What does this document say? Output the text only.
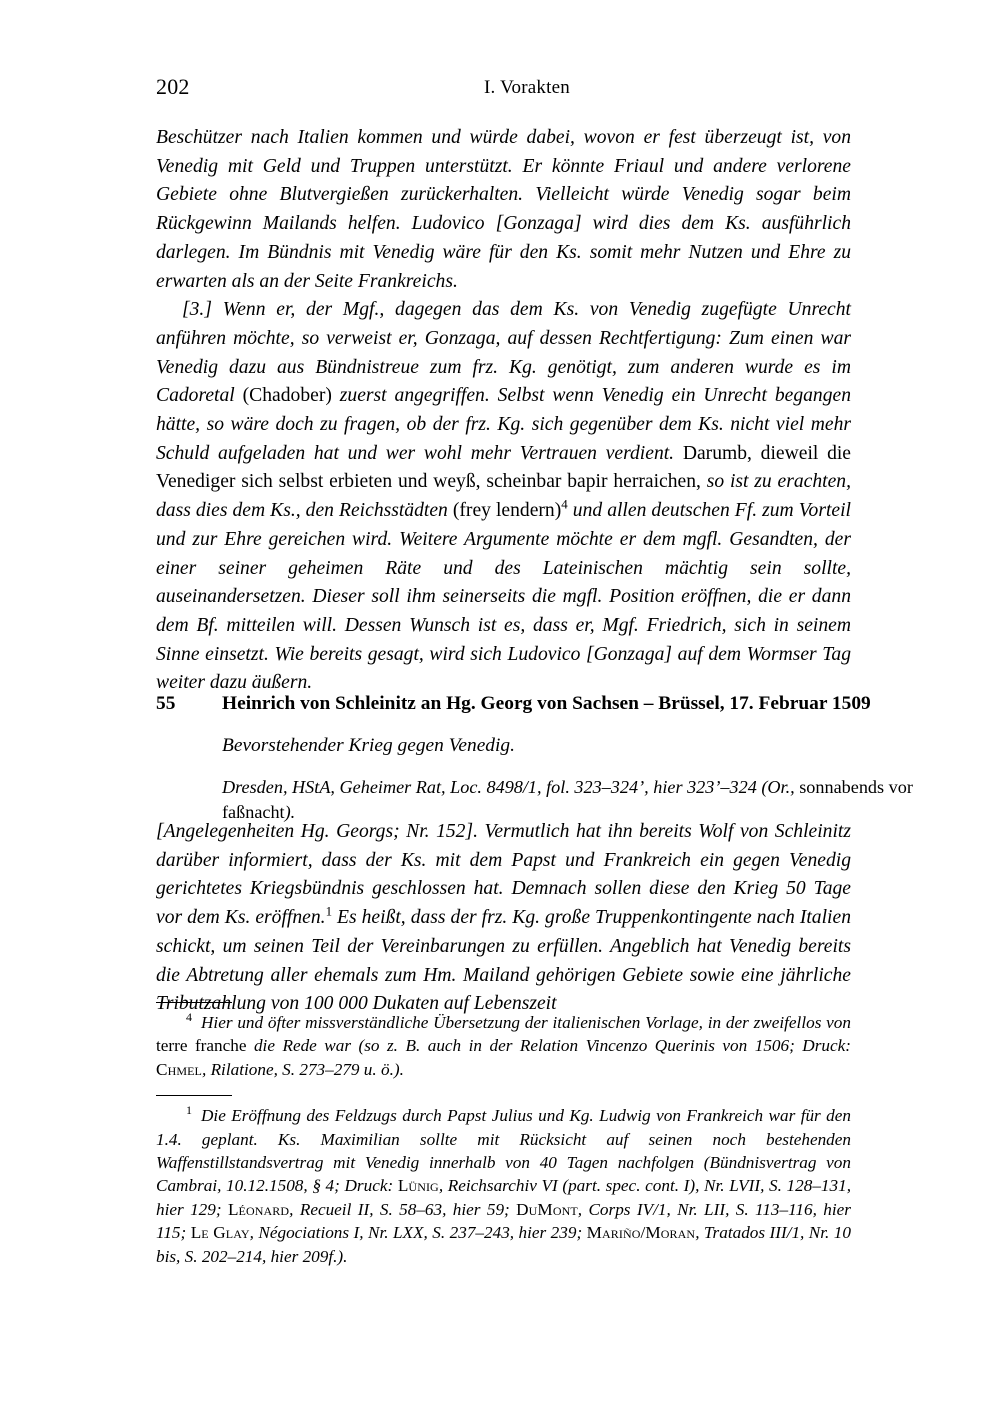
202	I. Vorakten

Beschützer nach Italien kommen und würde dabei, wovon er fest überzeugt ist, von Venedig mit Geld und Truppen unterstützt. Er könnte Friaul und andere verlorene Gebiete ohne Blutvergießen zurückerhalten. Vielleicht würde Venedig sogar beim Rückgewinn Mailands helfen. Ludovico [Gonzaga] wird dies dem Ks. ausführlich darlegen. Im Bündnis mit Venedig wäre für den Ks. somit mehr Nutzen und Ehre zu erwarten als an der Seite Frankreichs.

[3.] Wenn er, der Mgf., dagegen das dem Ks. von Venedig zugefügte Unrecht anführen möchte, so verweist er, Gonzaga, auf dessen Rechtfertigung: Zum einen war Venedig dazu aus Bündnistreue zum frz. Kg. genötigt, zum anderen wurde es im Cadoretal (Chadober) zuerst angegriffen. Selbst wenn Venedig ein Unrecht begangen hätte, so wäre doch zu fragen, ob der frz. Kg. sich gegenüber dem Ks. nicht viel mehr Schuld aufgeladen hat und wer wohl mehr Vertrauen verdient. Darumb, dieweil die Venediger sich selbst erbieten und weyß, scheinbar bapir herraichen, so ist zu erachten, dass dies dem Ks., den Reichsstädten (frey lendern)$^4$ und allen deutschen Ff. zum Vorteil und zur Ehre gereichen wird. Weitere Argumente möchte er dem mgfl. Gesandten, der einer seiner geheimen Räte und des Lateinischen mächtig sein sollte, auseinandersetzen. Dieser soll ihm seinerseits die mgfl. Position eröffnen, die er dann dem Bf. mitteilen will. Dessen Wunsch ist es, dass er, Mgf. Friedrich, sich in seinem Sinne einsetzt. Wie bereits gesagt, wird sich Ludovico [Gonzaga] auf dem Wormser Tag weiter dazu äußern.

55 Heinrich von Schleinitz an Hg. Georg von Sachsen – Brüssel, 17. Februar 1509
Bevorstehender Krieg gegen Venedig.
Dresden, HStA, Geheimer Rat, Loc. 8498/1, fol. 323–324’, hier 323’–324 (Or., sonnabends vor faßnacht).

[Angelegenheiten Hg. Georgs; Nr. 152]. Vermutlich hat ihn bereits Wolf von Schleinitz darüber informiert, dass der Ks. mit dem Papst und Frankreich ein gegen Venedig gerichtetes Kriegsbündnis geschlossen hat. Demnach sollen diese den Krieg 50 Tage vor dem Ks. eröffnen.$^1$ Es heißt, dass der frz. Kg. große Truppenkontingente nach Italien schickt, um seinen Teil der Vereinbarungen zu erfüllen. Angeblich hat Venedig bereits die Abtretung aller ehemals zum Hm. Mailand gehörigen Gebiete sowie eine jährliche Tributzahlung von 100 000 Dukaten auf Lebenszeit

$^4$ Hier und öfter missverständliche Übersetzung der italienischen Vorlage, in der zweifellos von terre franche die Rede war (so z. B. auch in der Relation Vincenzo Querinis von 1506; Druck: Chmel, Rilatione, S. 273–279 u. ö.).
$^1$ Die Eröffnung des Feldzugs durch Papst Julius und Kg. Ludwig von Frankreich war für den 1.4. geplant. Ks. Maximilian sollte mit Rücksicht auf seinen noch bestehenden Waffenstillstandsvertrag mit Venedig innerhalb von 40 Tagen nachfolgen (Bündnisvertrag von Cambrai, 10.12.1508, § 4; Druck: Lünig, Reichsarchiv VI (part. spec. cont. I), Nr. LVII, S. 128–131, hier 129; Léonard, Recueil II, S. 58–63, hier 59; DuMont, Corps IV/1, Nr. LII, S. 113–116, hier 115; Le Glay, Négociations I, Nr. LXX, S. 237–243, hier 239; Mariño/Moran, Tratados III/1, Nr. 10 bis, S. 202–214, hier 209f.).
